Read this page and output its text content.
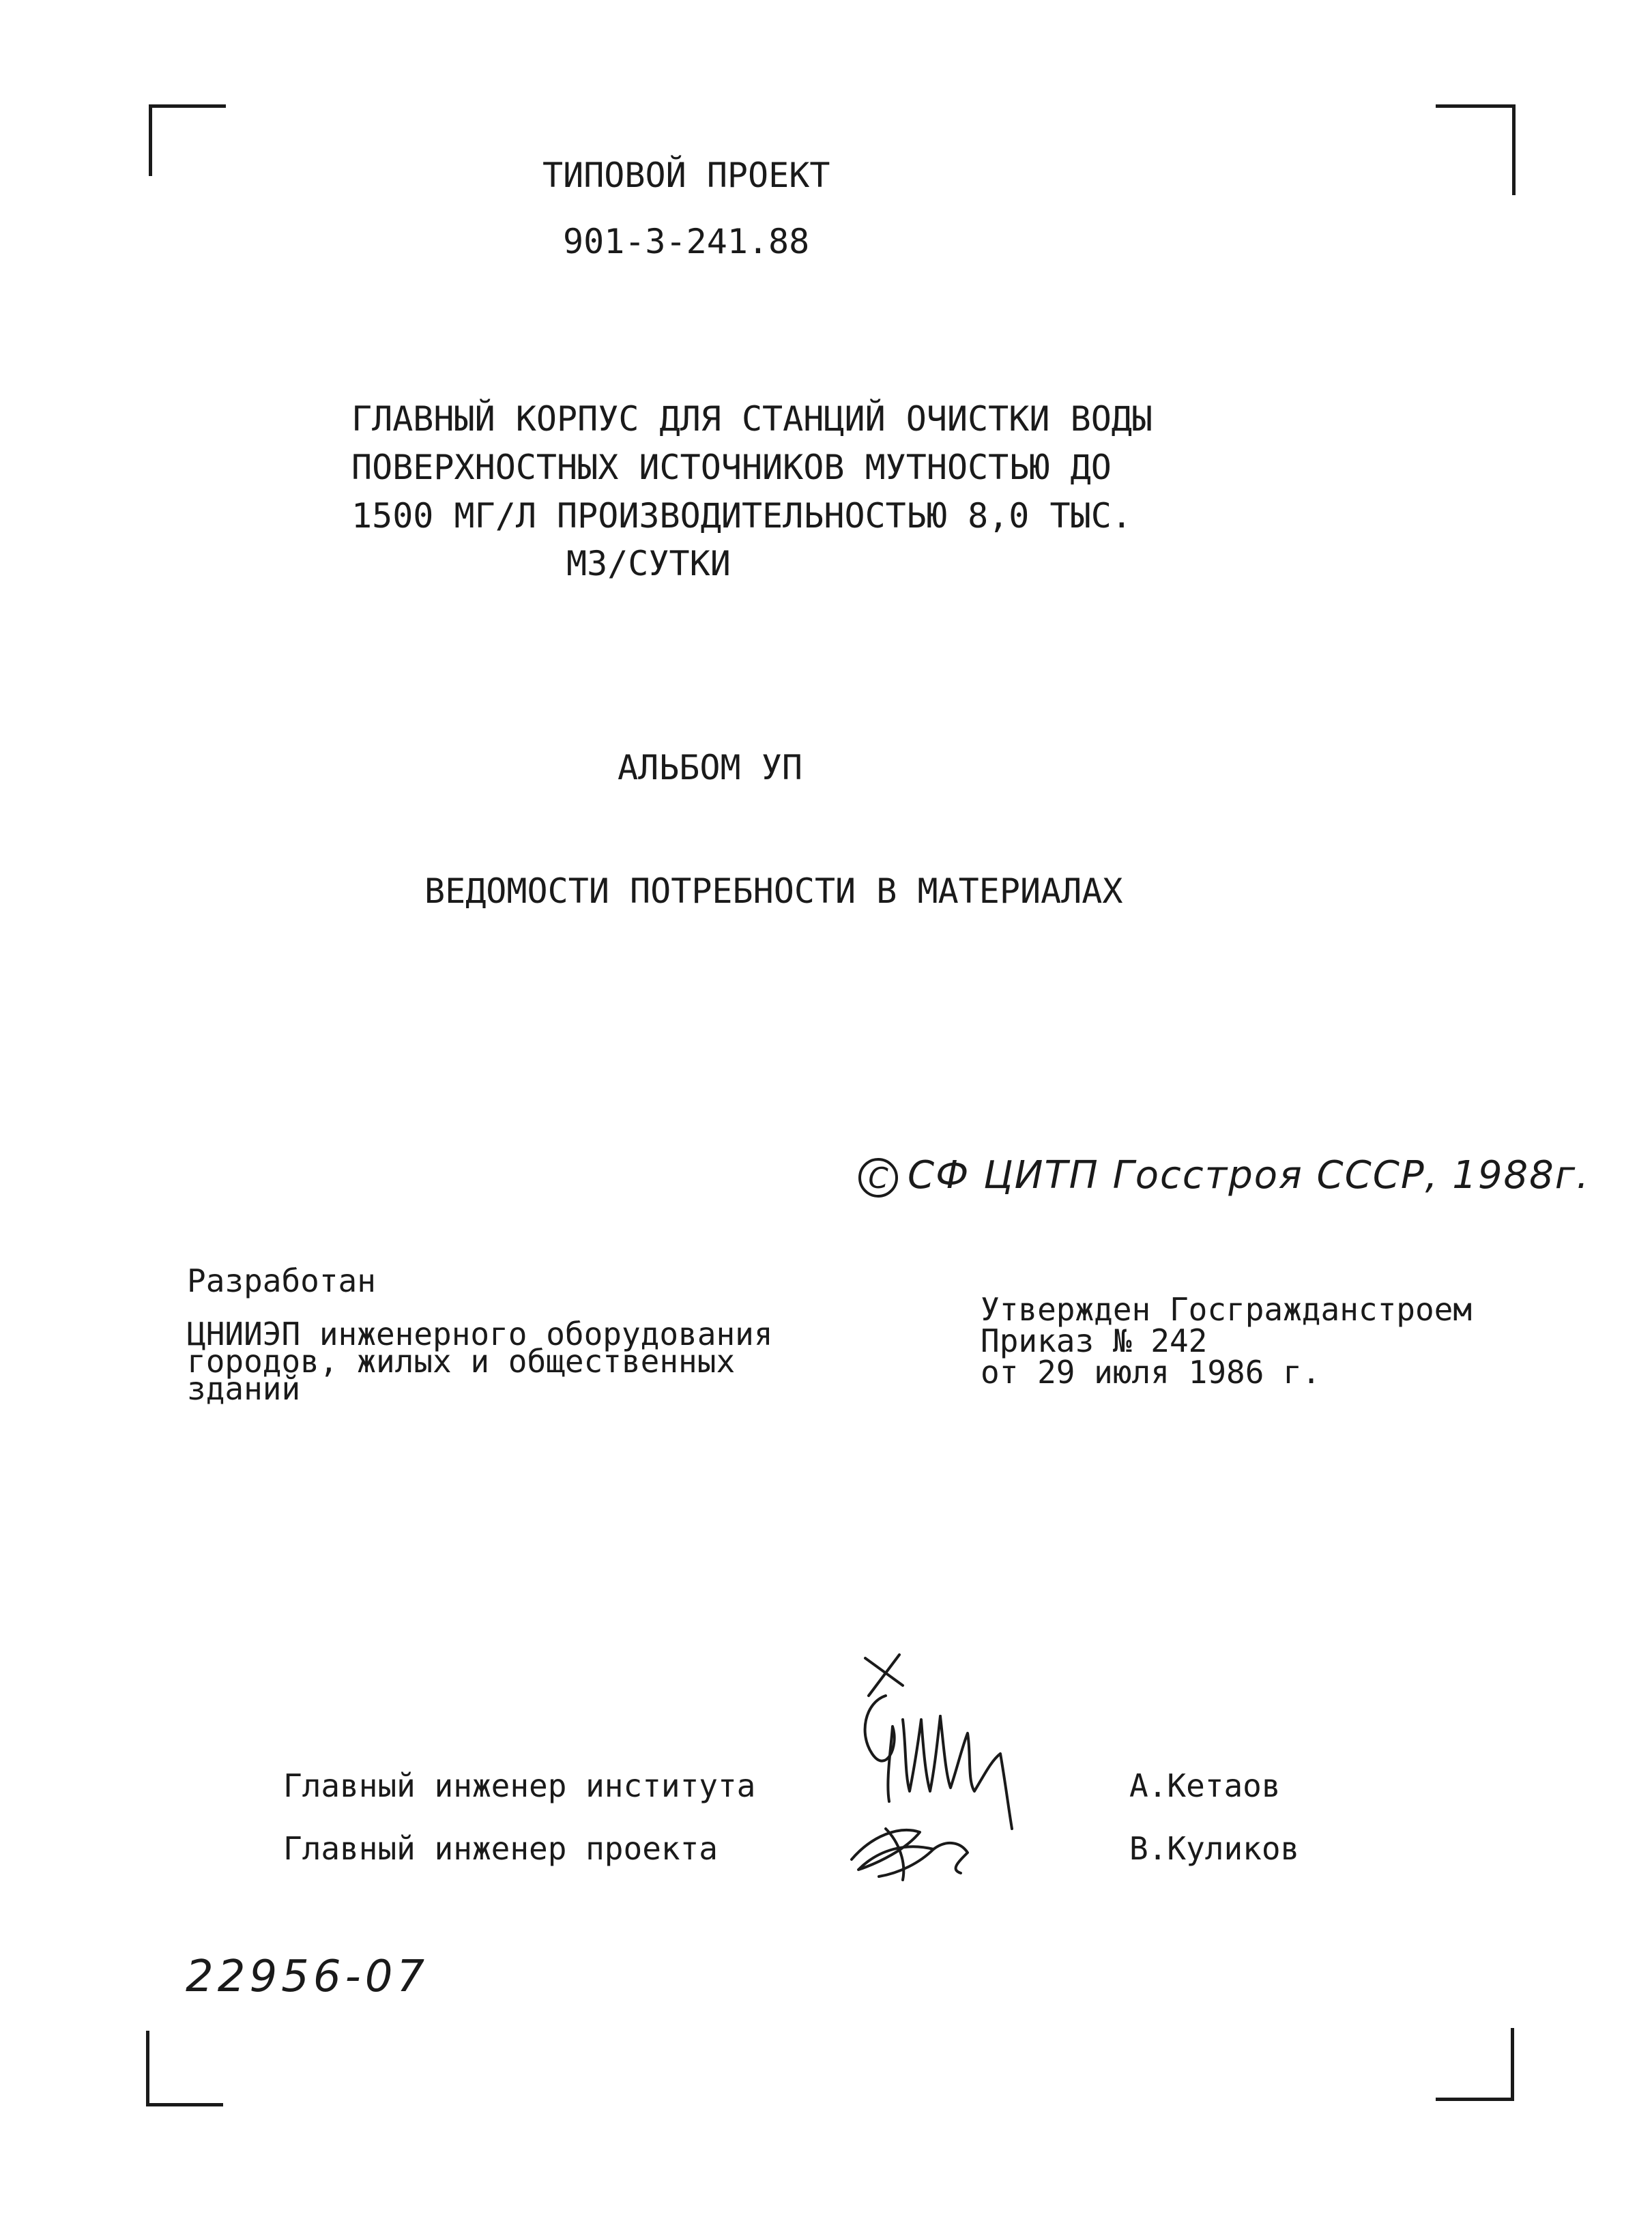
ТИПОВОЙ ПРОЕКТ
901-3-241.88
ГЛАВНЫЙ КОРПУС ДЛЯ СТАНЦИЙ ОЧИСТКИ ВОДЫ
ПОВЕРХНОСТНЫХ ИСТОЧНИКОВ МУТНОСТЬЮ ДО
1500 МГ/Л ПРОИЗВОДИТЕЛЬНОСТЬЮ 8,0 ТЫС.
МЗ/СУТКИ
АЛЬБОМ УП
ВЕДОМОСТИ ПОТРЕБНОСТИ В МАТЕРИАЛАХ
С СФ ЦИТП Госстроя СССР, 1988г.
Разработан
ЦНИИЭП инженерного оборудования
городов, жилых и общественных
зданий
Утвержден Госгражданстроем
Приказ № 242
от 29 июля 1986 г.
Главный инженер института	А.Кетаов
Главный инженер проекта	В.Куликов
22956-07
